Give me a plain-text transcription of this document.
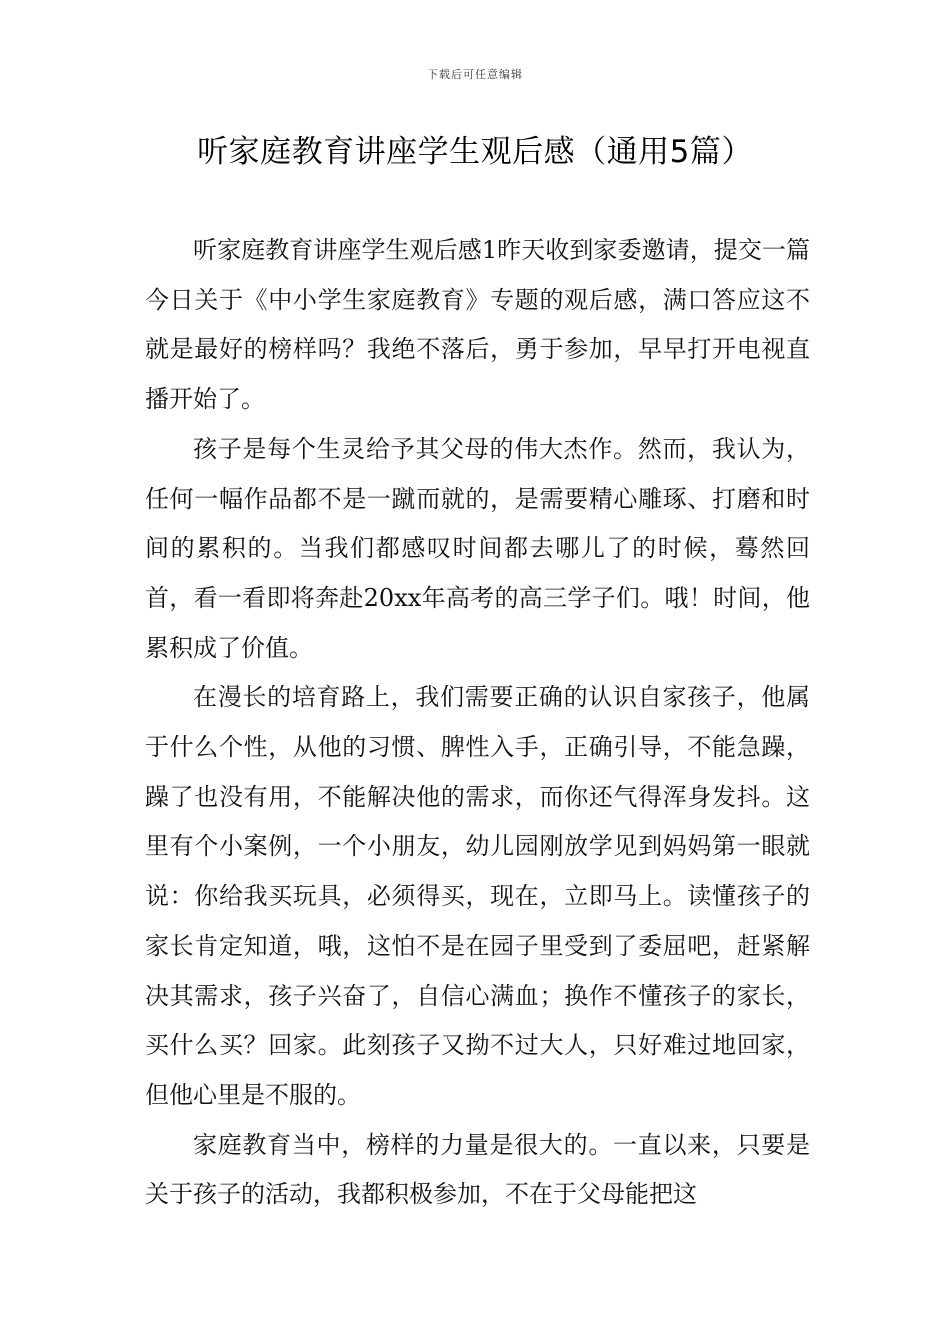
下载后可任意编辑
听家庭教育讲座学生观后感（通用5篇）

听家庭教育讲座学生观后感1昨天收到家委邀请，提交一篇今日关于《中小学生家庭教育》专题的观后感，满口答应这不就是最好的榜样吗？我绝不落后，勇于参加，早早打开电视直播开始了。

孩子是每个生灵给予其父母的伟大杰作。然而，我认为，任何一幅作品都不是一蹴而就的，是需要精心雕琢、打磨和时间的累积的。当我们都感叹时间都去哪儿了的时候，蓦然回首，看一看即将奔赴20xx年高考的高三学子们。哦！时间，他累积成了价值。

在漫长的培育路上，我们需要正确的认识自家孩子，他属于什么个性，从他的习惯、脾性入手，正确引导，不能急躁，躁了也没有用，不能解决他的需求，而你还气得浑身发抖。这里有个小案例，一个小朋友，幼儿园刚放学见到妈妈第一眼就说：你给我买玩具，必须得买，现在，立即马上。读懂孩子的家长肯定知道，哦，这怕不是在园子里受到了委屈吧，赶紧解决其需求，孩子兴奋了，自信心满血；换作不懂孩子的家长，买什么买？回家。此刻孩子又拗不过大人，只好难过地回家，但他心里是不服的。

家庭教育当中，榜样的力量是很大的。一直以来，只要是关于孩子的活动，我都积极参加，不在于父母能把这
